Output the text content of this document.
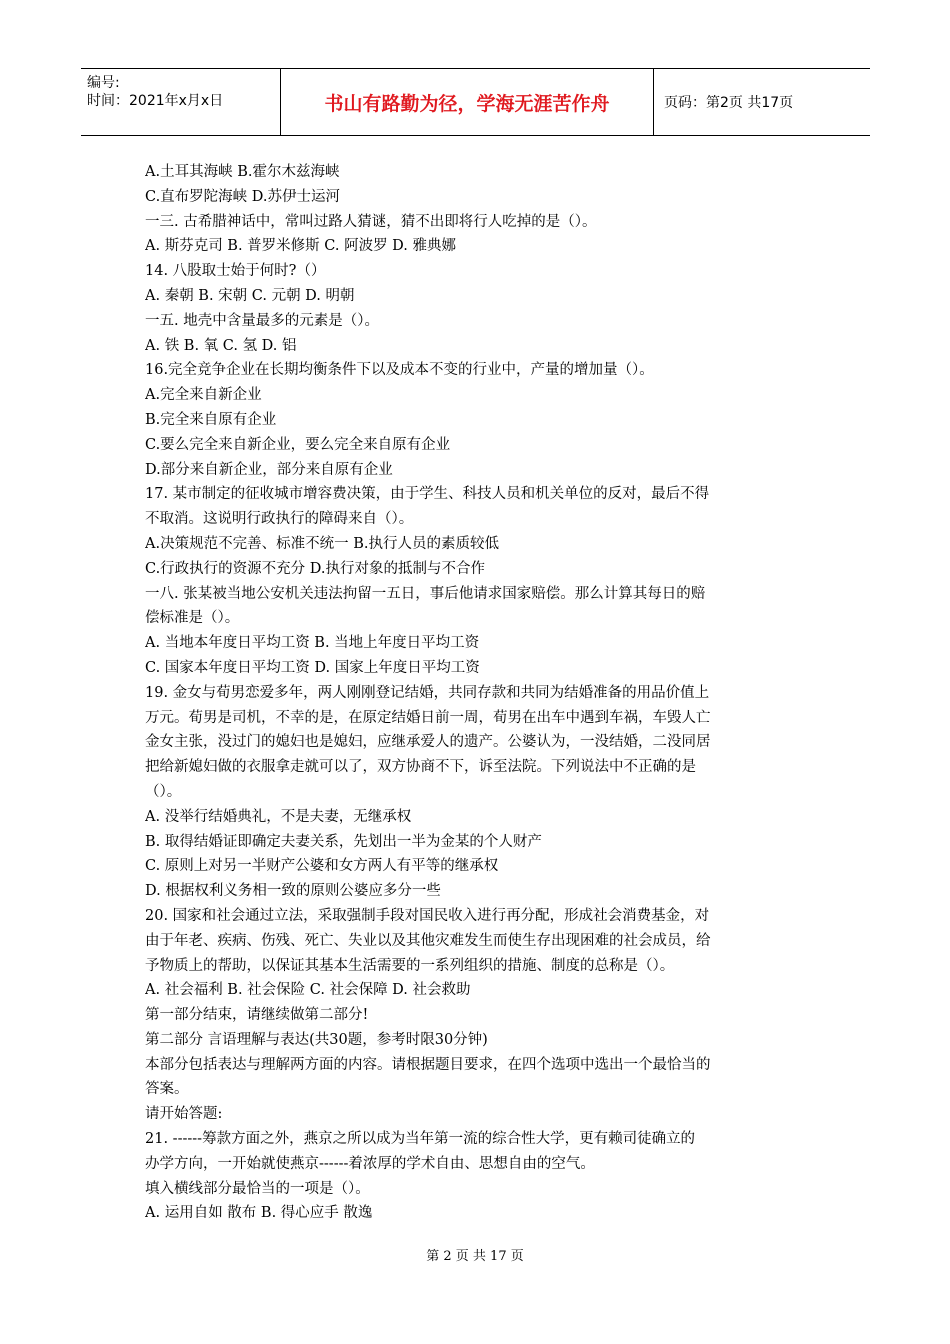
编号:
时间：2021年x月x日	书山有路勤为径，学海无涯苦作舟	页码：第2页 共17页
A.土耳其海峡 B.霍尔木兹海峡
C.直布罗陀海峡 D.苏伊士运河
一三. 古希腊神话中，常叫过路人猜谜，猜不出即将行人吃掉的是（）。
A. 斯芬克司 B. 普罗米修斯 C. 阿波罗 D. 雅典娜
14. 八股取士始于何时?（）
A. 秦朝 B. 宋朝 C. 元朝 D. 明朝
一五. 地壳中含量最多的元素是（）。
A. 铁 B. 氧 C. 氢 D. 铝
16.完全竞争企业在长期均衡条件下以及成本不变的行业中，产量的增加量（）。
A.完全来自新企业
B.完全来自原有企业
C.要么完全来自新企业，要么完全来自原有企业
D.部分来自新企业，部分来自原有企业
17. 某市制定的征收城市增容费决策，由于学生、科技人员和机关单位的反对，最后不得
不取消。这说明行政执行的障碍来自（）。
A.决策规范不完善、标准不统一 B.执行人员的素质较低
C.行政执行的资源不充分 D.执行对象的抵制与不合作
一八. 张某被当地公安机关违法拘留一五日，事后他请求国家赔偿。那么计算其每日的赔
偿标准是（）。
A. 当地本年度日平均工资 B. 当地上年度日平均工资
C. 国家本年度日平均工资 D. 国家上年度日平均工资
19. 金女与荀男恋爱多年，两人刚刚登记结婚，共同存款和共同为结婚准备的用品价值上
万元。荀男是司机，不幸的是，在原定结婚日前一周，荀男在出车中遇到车祸，车毁人亡
金女主张，没过门的媳妇也是媳妇，应继承爱人的遗产。公婆认为，一没结婚，二没同居
把给新媳妇做的衣服拿走就可以了，双方协商不下，诉至法院。下列说法中不正确的是
（）。
A. 没举行结婚典礼，不是夫妻，无继承权
B. 取得结婚证即确定夫妻关系，先划出一半为金某的个人财产
C. 原则上对另一半财产公婆和女方两人有平等的继承权
D. 根据权利义务相一致的原则公婆应多分一些
20. 国家和社会通过立法，采取强制手段对国民收入进行再分配，形成社会消费基金，对
由于年老、疾病、伤残、死亡、失业以及其他灾难发生而使生存出现困难的社会成员，给
予物质上的帮助，以保证其基本生活需要的一系列组织的措施、制度的总称是（）。
A. 社会福利 B. 社会保险 C. 社会保障 D. 社会救助
第一部分结束，请继续做第二部分!
第二部分 言语理解与表达(共30题，参考时限30分钟)
本部分包括表达与理解两方面的内容。请根据题目要求，在四个选项中选出一个最恰当的
答案。
请开始答题:
21. ------筹款方面之外，燕京之所以成为当年第一流的综合性大学，更有赖司徒确立的
办学方向，一开始就使燕京------着浓厚的学术自由、思想自由的空气。
填入横线部分最恰当的一项是（）。
A. 运用自如 散布 B. 得心应手 散逸
第 2 页 共 17 页
